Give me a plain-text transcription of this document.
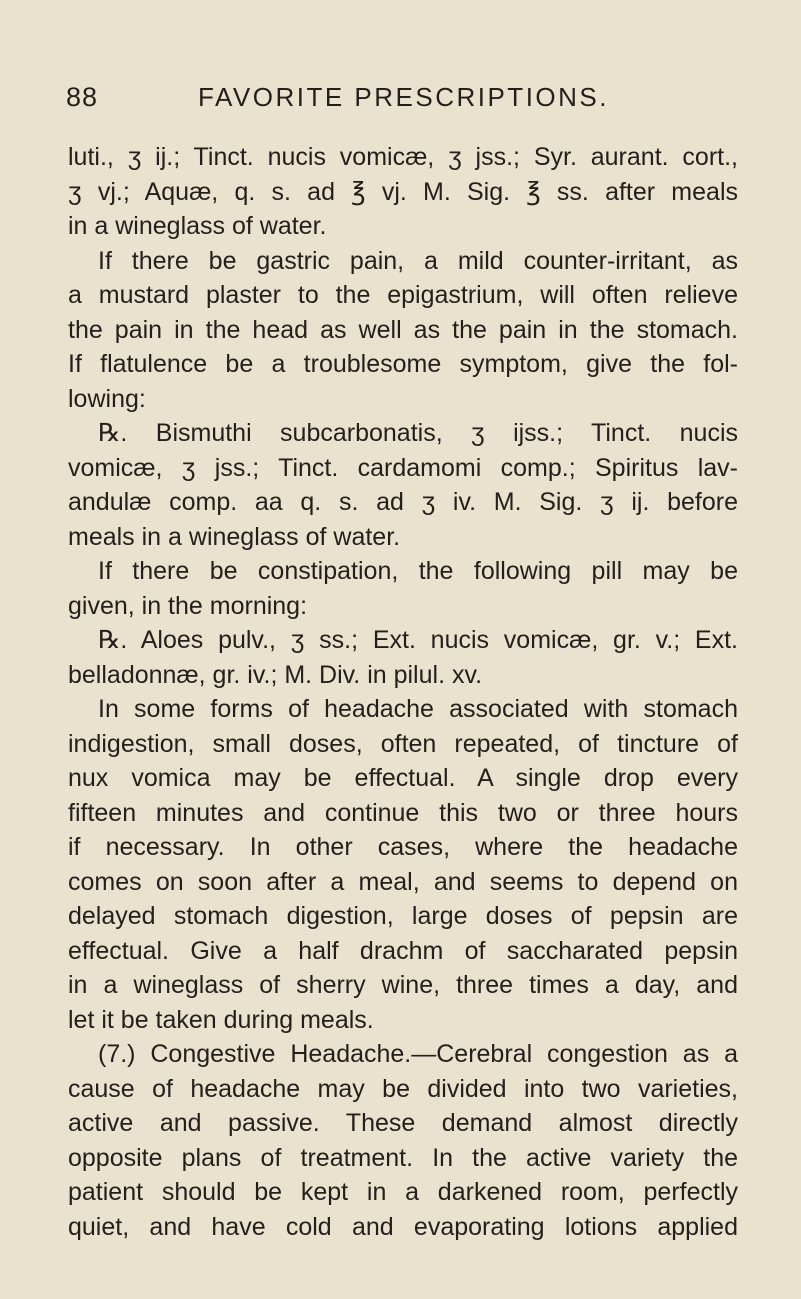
88	FAVORITE PRESCRIPTIONS.
luti., ʒ ij.; Tinct. nucis vomicæ, ʒ jss.; Syr. aurant. cort.,
ʒ vj.; Aquæ, q. s. ad ℥ vj. M. Sig. ℥ ss. after meals
in a wineglass of water.
If there be gastric pain, a mild counter-irritant, as
a mustard plaster to the epigastrium, will often relieve
the pain in the head as well as the pain in the stomach.
If flatulence be a troublesome symptom, give the fol-
lowing:
℞. Bismuthi subcarbonatis, ʒ ijss.; Tinct. nucis
vomicæ, ʒ jss.; Tinct. cardamomi comp.; Spiritus lav-
andulæ comp. aa q. s. ad ʒ iv. M. Sig. ʒ ij. before
meals in a wineglass of water.
If there be constipation, the following pill may be
given, in the morning:
℞. Aloes pulv., ʒ ss.; Ext. nucis vomicæ, gr. v.; Ext.
belladonnæ, gr. iv.; M. Div. in pilul. xv.
In some forms of headache associated with stomach
indigestion, small doses, often repeated, of tincture of
nux vomica may be effectual. A single drop every
fifteen minutes and continue this two or three hours
if necessary. In other cases, where the headache
comes on soon after a meal, and seems to depend on
delayed stomach digestion, large doses of pepsin are
effectual. Give a half drachm of saccharated pepsin
in a wineglass of sherry wine, three times a day, and
let it be taken during meals.
(7.) Congestive Headache.—Cerebral congestion as a
cause of headache may be divided into two varieties,
active and passive. These demand almost directly
opposite plans of treatment. In the active variety the
patient should be kept in a darkened room, perfectly
quiet, and have cold and evaporating lotions applied
